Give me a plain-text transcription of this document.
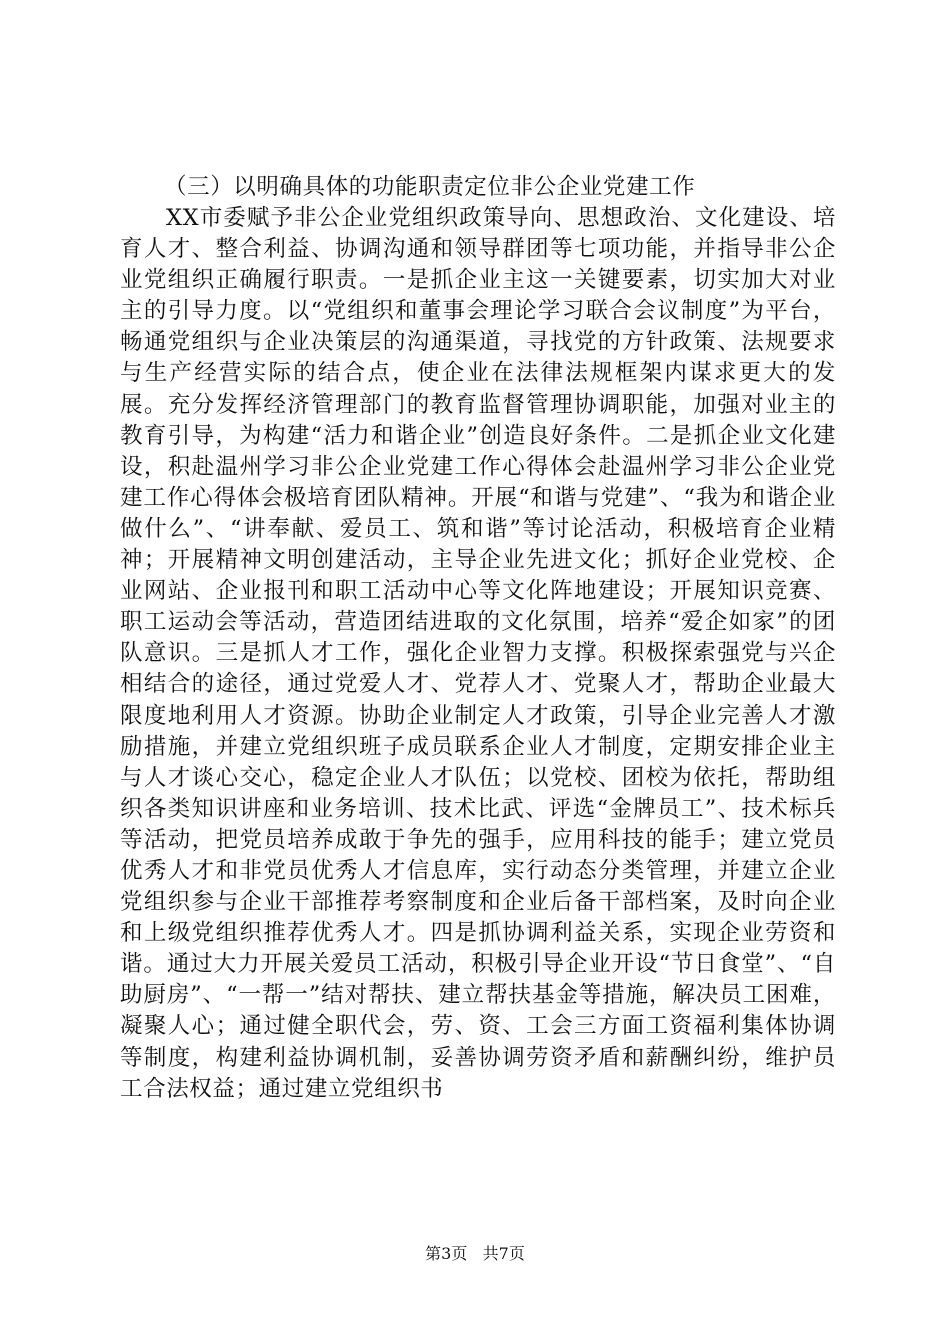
（三）以明确具体的功能职责定位非公企业党建工作

XX市委赋予非公企业党组织政策导向、思想政治、文化建设、培育人才、整合利益、协调沟通和领导群团等七项功能，并指导非公企业党组织正确履行职责。一是抓企业主这一关键要素，切实加大对业主的引导力度。以“党组织和董事会理论学习联合会议制度”为平台，畅通党组织与企业决策层的沟通渠道，寻找党的方针政策、法规要求与生产经营实际的结合点，使企业在法律法规框架内谋求更大的发展。充分发挥经济管理部门的教育监督管理协调职能，加强对业主的教育引导，为构建“活力和谐企业”创造良好条件。二是抓企业文化建设，积赴温州学习非公企业党建工作心得体会赴温州学习非公企业党建工作心得体会极培育团队精神。开展“和谐与党建”、“我为和谐企业做什么”、“讲奉献、爱员工、筑和谐”等讨论活动，积极培育企业精神；开展精神文明创建活动，主导企业先进文化；抓好企业党校、企业网站、企业报刊和职工活动中心等文化阵地建设；开展知识竞赛、职工运动会等活动，营造团结进取的文化氛围，培养“爱企如家”的团队意识。三是抓人才工作，强化企业智力支撑。积极探索强党与兴企相结合的途径，通过党爱人才、党荐人才、党聚人才，帮助企业最大限度地利用人才资源。协助企业制定人才政策，引导企业完善人才激励措施，并建立党组织班子成员联系企业人才制度，定期安排企业主与人才谈心交心，稳定企业人才队伍；以党校、团校为依托，帮助组织各类知识讲座和业务培训、技术比武、评选“金牌员工”、技术标兵等活动，把党员培养成敢于争先的强手，应用科技的能手；建立党员优秀人才和非党员优秀人才信息库，实行动态分类管理，并建立企业党组织参与企业干部推荐考察制度和企业后备干部档案，及时向企业和上级党组织推荐优秀人才。四是抓协调利益关系，实现企业劳资和谐。通过大力开展关爱员工活动，积极引导企业开设“节日食堂”、“自助厨房”、“一帮一”结对帮扶、建立帮扶基金等措施，解决员工困难，凝聚人心；通过健全职代会，劳、资、工会三方面工资福利集体协调等制度，构建利益协调机制，妥善协调劳资矛盾和薪酬纠纷，维护员工合法权益；通过建立党组织书

第3页 共7页
